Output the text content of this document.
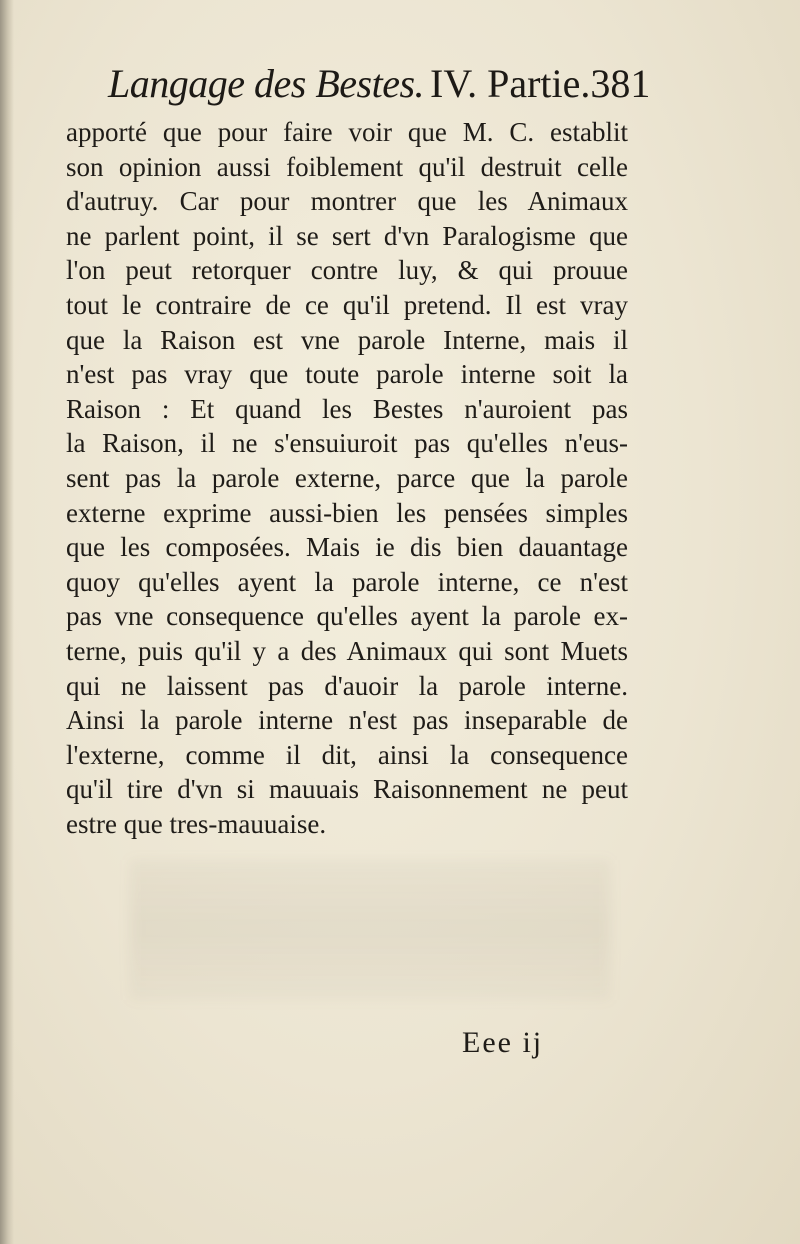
Langage des Bestes. IV. Partie.381
apporté que pour faire voir que M. C. establit
son opinion aussi foiblement qu'il destruit celle
d'autruy. Car pour montrer que les Animaux
ne parlent point, il se sert d'vn Paralogisme que
l'on peut retorquer contre luy, & qui prouue
tout le contraire de ce qu'il pretend. Il est vray
que la Raison est vne parole Interne, mais il
n'est pas vray que toute parole interne soit la
Raison : Et quand les Bestes n'auroient pas
la Raison, il ne s'ensuiuroit pas qu'elles n'eus-
sent pas la parole externe, parce que la parole
externe exprime aussi-bien les pensées simples
que les composées. Mais ie dis bien dauantage
quoy qu'elles ayent la parole interne, ce n'est
pas vne consequence qu'elles ayent la parole ex-
terne, puis qu'il y a des Animaux qui sont Muets
qui ne laissent pas d'auoir la parole interne.
Ainsi la parole interne n'est pas inseparable de
l'externe, comme il dit, ainsi la consequence
qu'il tire d'vn si mauuais Raisonnement ne peut
estre que tres-mauuaise.
Eee ij
